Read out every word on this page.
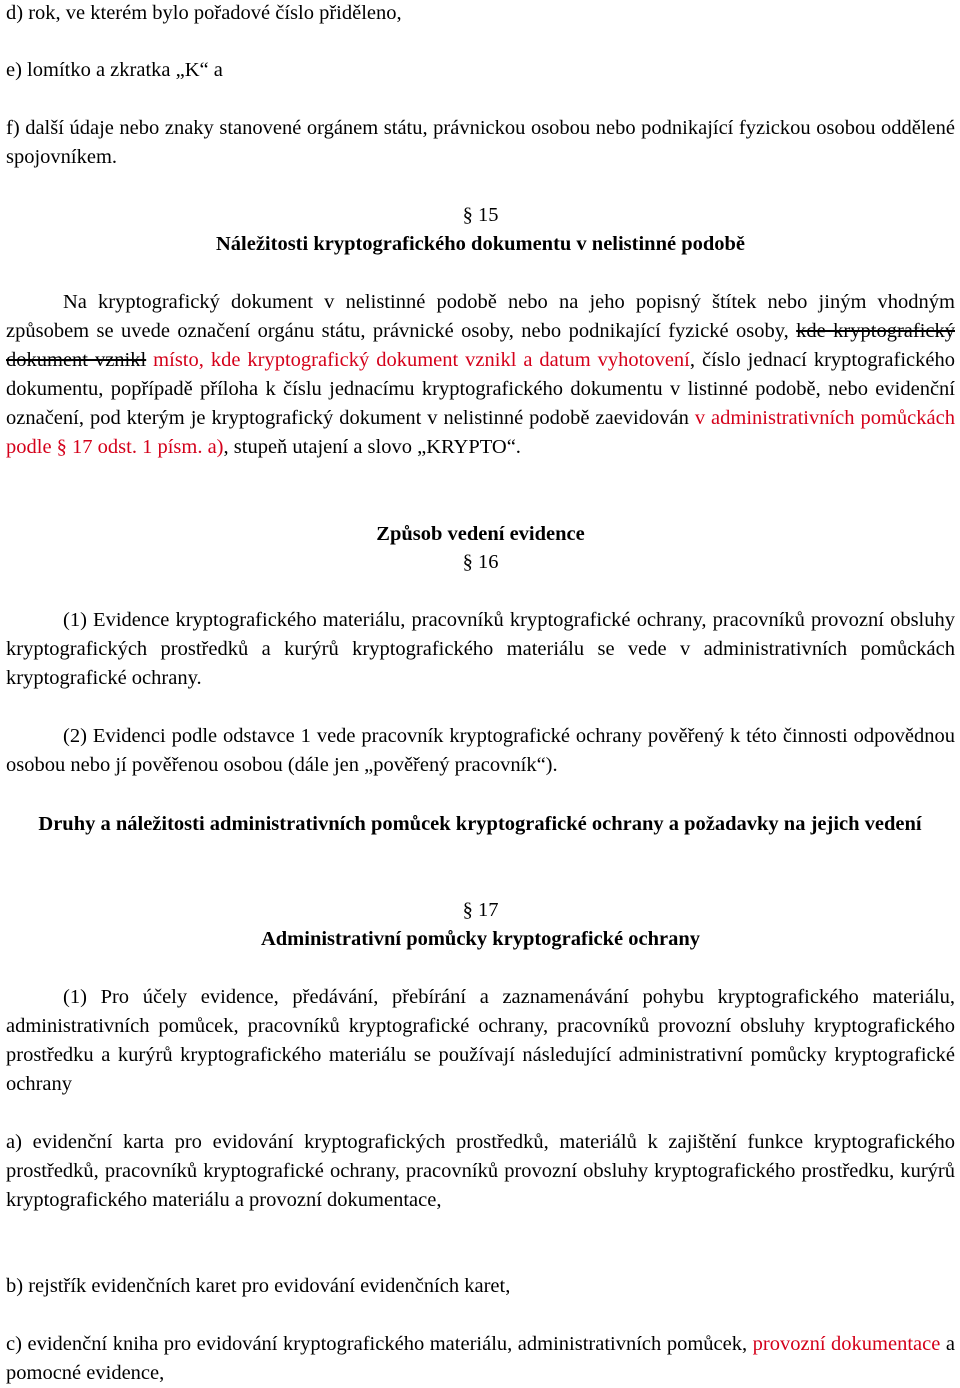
d) rok, ve kterém bylo pořadové číslo přiděleno,

e) lomítko a zkratka „K“ a

f) další údaje nebo znaky stanovené orgánem státu, právnickou osobou nebo podnikající fyzickou osobou oddělené spojovníkem.

§ 15

Náležitosti kryptografického dokumentu v nelistinné podobě

Na kryptografický dokument v nelistinné podobě nebo na jeho popisný štítek nebo jiným vhodným způsobem se uvede označení orgánu státu, právnické osoby, nebo podnikající fyzické osoby, kde kryptografický dokument vznikl místo, kde kryptografický dokument vznikl a datum vyhotovení, číslo jednací kryptografického dokumentu, popřípadě příloha k číslu jednacímu kryptografického dokumentu v listinné podobě, nebo evidenční označení, pod kterým je kryptografický dokument v nelistinné podobě zaevidován v administrativních pomůckách podle § 17 odst. 1 písm. a), stupeň utajení a slovo „KRYPTO“.

Způsob vedení evidence

§ 16

(1) Evidence kryptografického materiálu, pracovníků kryptografické ochrany, pracovníků provozní obsluhy kryptografických prostředků a kurýrů kryptografického materiálu se vede v administrativních pomůckách kryptografické ochrany.

(2) Evidenci podle odstavce 1 vede pracovník kryptografické ochrany pověřený k této činnosti odpovědnou osobou nebo jí pověřenou osobou (dále jen „pověřený pracovník“).

Druhy a náležitosti administrativních pomůcek kryptografické ochrany a požadavky na jejich vedení

§ 17

Administrativní pomůcky kryptografické ochrany

(1) Pro účely evidence, předávání, přebírání a zaznamenávání pohybu kryptografického materiálu, administrativních pomůcek, pracovníků kryptografické ochrany, pracovníků provozní obsluhy kryptografického prostředku a kurýrů kryptografického materiálu se používají následující administrativní pomůcky kryptografické ochrany

a) evidenční karta pro evidování kryptografických prostředků, materiálů k zajištění funkce kryptografického prostředků, pracovníků kryptografické ochrany, pracovníků provozní obsluhy kryptografického prostředku, kurýrů kryptografického materiálu a provozní dokumentace,

b) rejstřík evidenčních karet pro evidování evidenčních karet,

c) evidenční kniha pro evidování kryptografického materiálu, administrativních pomůcek, provozní dokumentace a pomocné evidence,
